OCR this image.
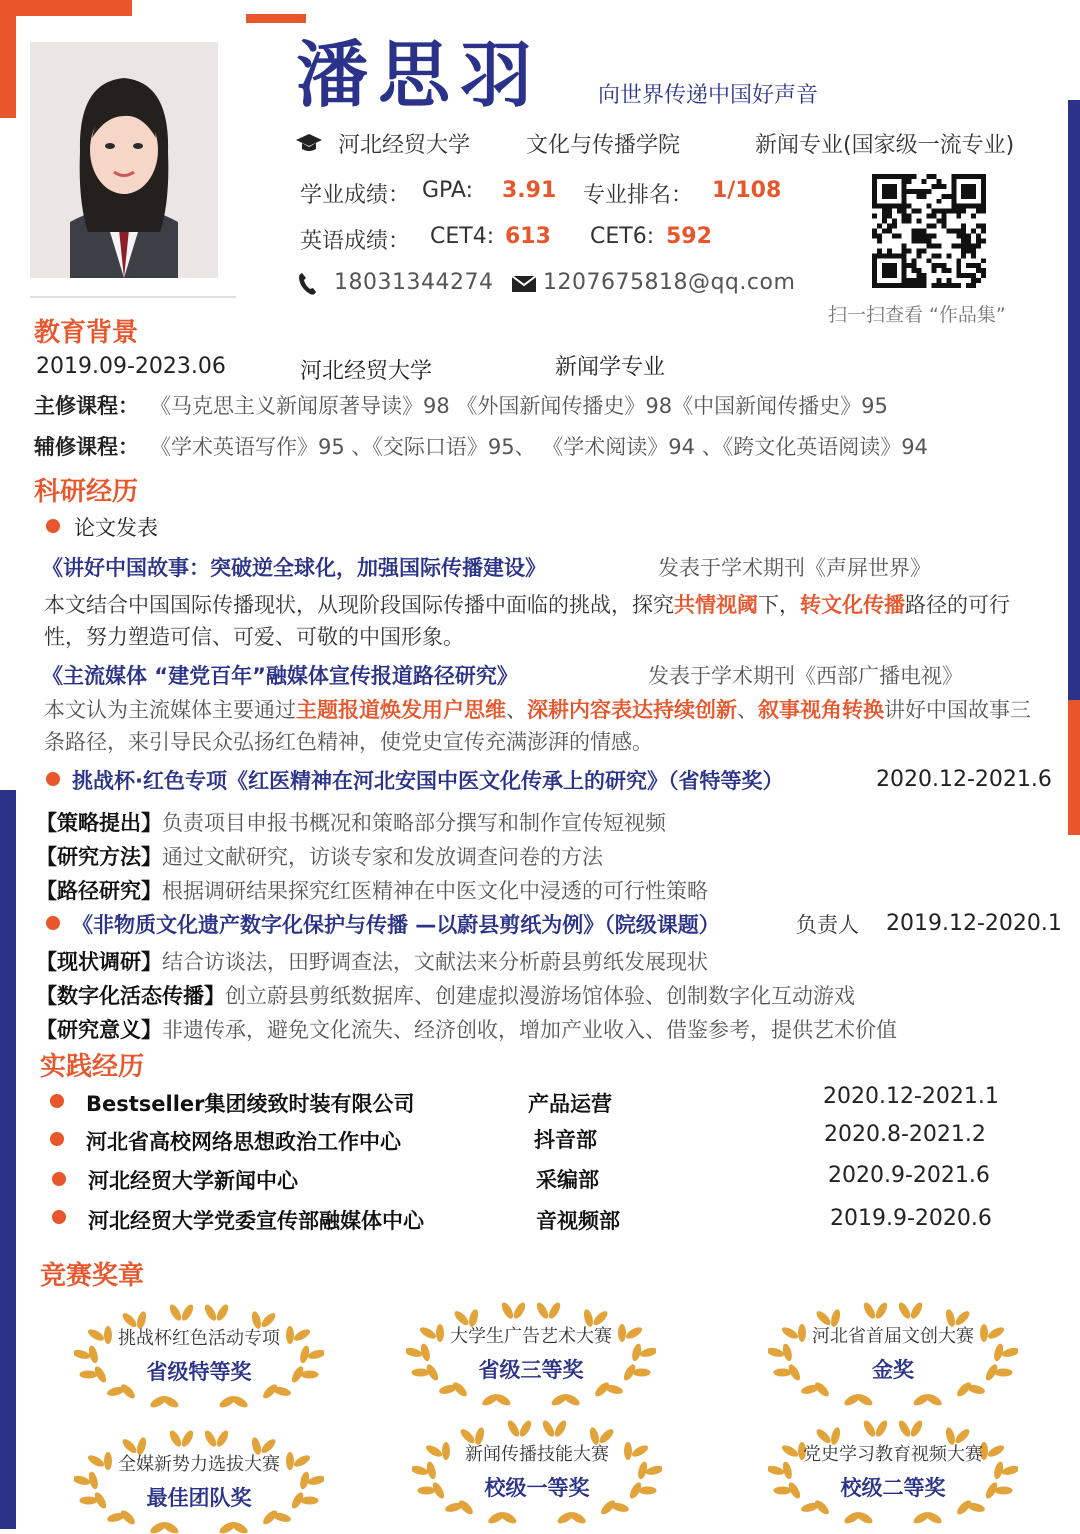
潘思羽	向世界传递中国好声音
河北经贸大学	文化与传播学院	新闻专业(国家级一流专业)
学业成绩： GPA: 3.91 专业排名： 1/108
英语成绩： CET4: 613 CET6: 592
18031344274 1207675818@qq.com
扫一扫查看 “作品集”
教育背景
2019.09-2023.06	河北经贸大学	新闻学专业
主修课程： 《马克思主义新闻原著导读》98 《外国新闻传播史》98《中国新闻传播史》95
辅修课程： 《学术英语写作》95 、《交际口语》95、 《学术阅读》94 、《跨文化英语阅读》94
科研经历
论文发表
《讲好中国故事：突破逆全球化，加强国际传播建设》	发表于学术期刊《声屏世界》
本文结合中国国际传播现状，从现阶段国际传播中面临的挑战，探究共情视阈下，转文化传播路径的可行性，努力塑造可信、可爱、可敬的中国形象。
《主流媒体 “建党百年”融媒体宣传报道路径研究》	发表于学术期刊《西部广播电视》
本文认为主流媒体主要通过主题报道焕发用户思维、深耕内容表达持续创新、叙事视角转换讲好中国故事三条路径，来引导民众弘扬红色精神，使党史宣传充满澎湃的情感。
挑战杯·红色专项《红医精神在河北安国中医文化传承上的研究》（省特等奖）	2020.12-2021.6
【策略提出】负责项目申报书概况和策略部分撰写和制作宣传短视频
【研究方法】通过文献研究，访谈专家和发放调查问卷的方法
【路径研究】根据调研结果探究红医精神在中医文化中浸透的可行性策略
《非物质文化遗产数字化保护与传播 —以蔚县剪纸为例》（院级课题）	负责人 2019.12-2020.1
【现状调研】结合访谈法，田野调查法，文献法来分析蔚县剪纸发展现状
【数字化活态传播】创立蔚县剪纸数据库、创建虚拟漫游场馆体验、创制数字化互动游戏
【研究意义】非遗传承，避免文化流失、经济创收，增加产业收入、借鉴参考，提供艺术价值
实践经历
Bestseller集团绫致时装有限公司	产品运营	2020.12-2021.1
河北省高校网络思想政治工作中心	抖音部	2020.8-2021.2
河北经贸大学新闻中心	采编部	2020.9-2021.6
河北经贸大学党委宣传部融媒体中心	音视频部	2019.9-2020.6
竞赛奖章
挑战杯红色活动专项
省级特等奖
大学生广告艺术大赛
省级三等奖
河北省首届文创大赛
金奖
全媒新势力选拔大赛
最佳团队奖
新闻传播技能大赛
校级一等奖
党史学习教育视频大赛
校级二等奖
